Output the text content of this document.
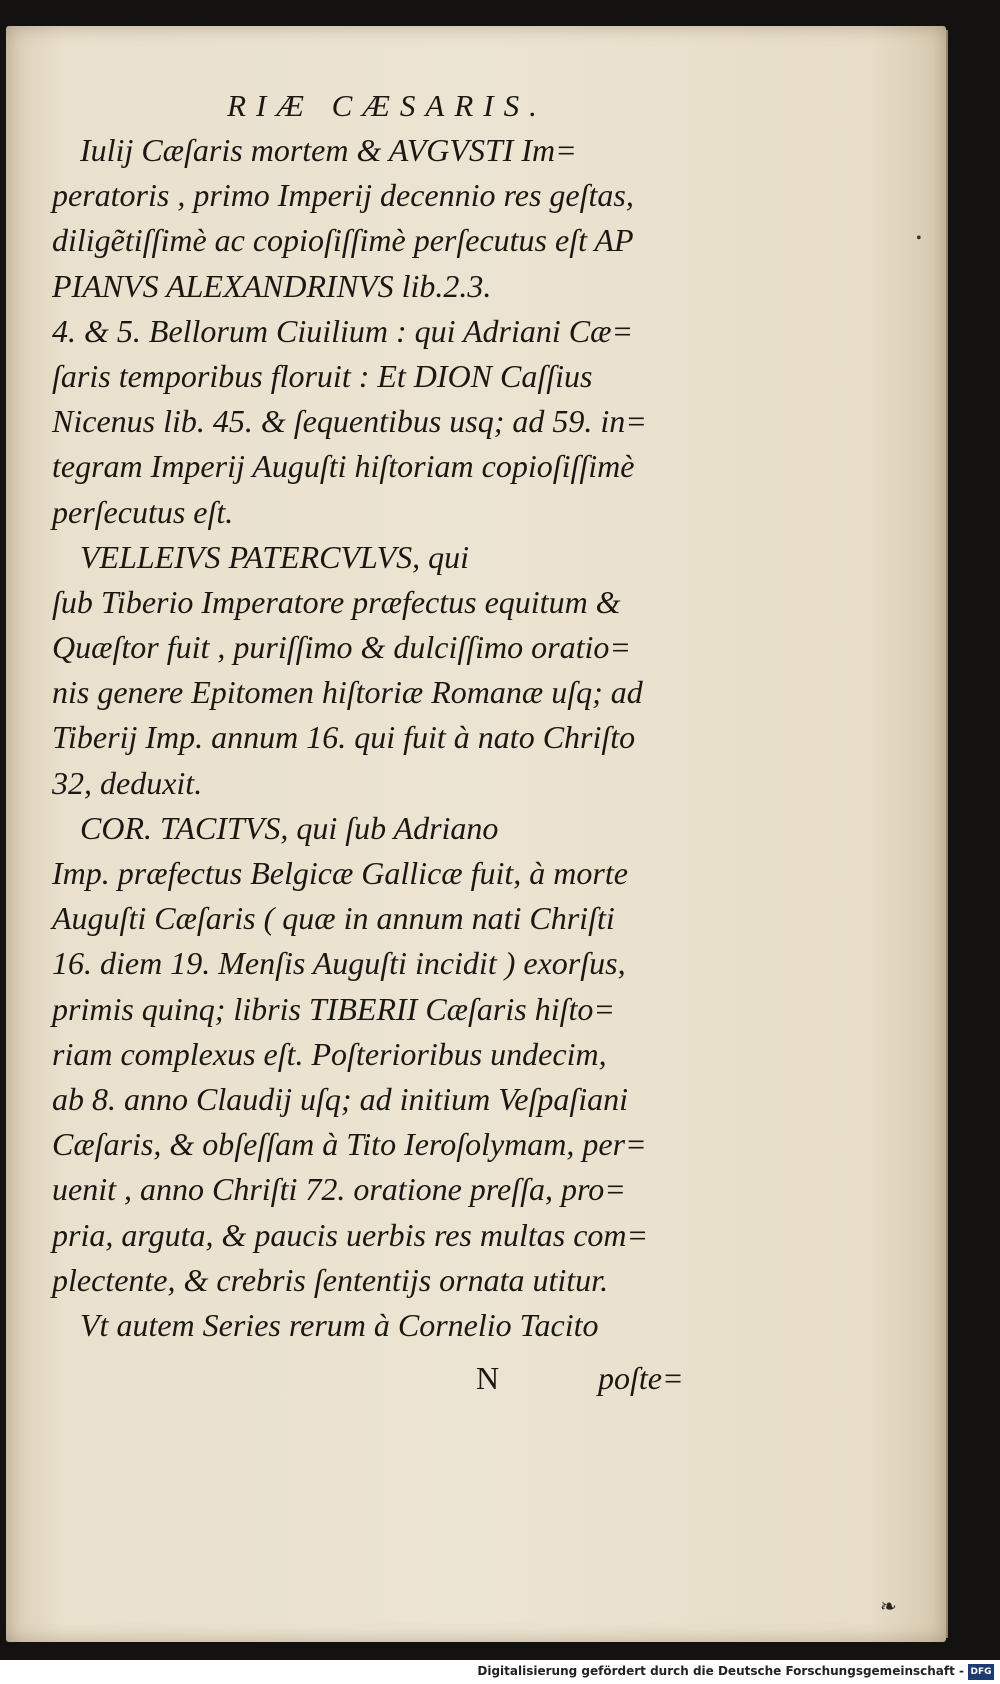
RIÆ CÆSARIS.

Iulij Cæſaris mortem & AVGVSTI Im=

peratoris , primo Imperij decennio res geſtas,

diligẽtiſſimè ac copioſiſſimè perſecutus eſt AP

PIANVS ALEXANDRINVS lib.2.3.

4. & 5. Bellorum Ciuilium : qui Adriani Cæ=

ſaris temporibus floruit : Et DION Caſſius

Nicenus lib. 45. & ſequentibus usq; ad 59. in=

tegram Imperij Auguſti hiſtoriam copioſiſſimè

perſecutus eſt.

VELLEIVS PATERCVLVS, qui

ſub Tiberio Imperatore præfectus equitum &

Quæſtor fuit , puriſſimo & dulciſſimo oratio=

nis genere Epitomen hiſtoriæ Romanæ uſq; ad

Tiberij Imp. annum 16. qui fuit à nato Chriſto

32, deduxit.

COR. TACITVS, qui ſub Adriano

Imp. præfectus Belgicæ Gallicæ fuit, à morte

Auguſti Cæſaris ( quæ in annum nati Chriſti

16. diem 19. Menſis Auguſti incidit ) exorſus,

primis quinq; libris TIBERII Cæſaris hiſto=

riam complexus eſt. Poſterioribus undecim,

ab 8. anno Claudij uſq; ad initium Veſpaſiani

Cæſaris, & obſeſſam à Tito Ieroſolymam, per=

uenit , anno Chriſti 72. oratione preſſa, pro=

pria, arguta, & paucis uerbis res multas com=

plectente, & crebris ſententijs ornata utitur.

Vt autem Series rerum à Cornelio Tacito

N	poſte=
•
❧
Digitalisierung gefördert durch die Deutsche Forschungsgemeinschaft - DFG
